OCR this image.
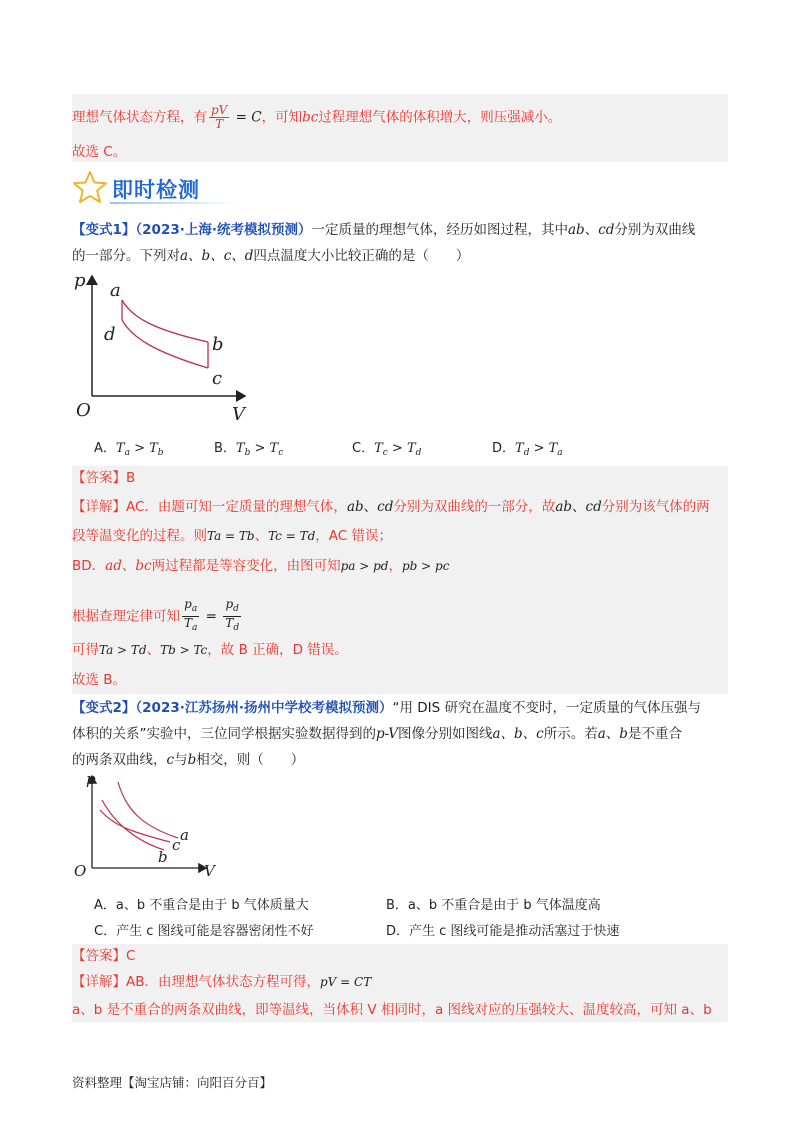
理想气体状态方程，有 $\frac{pV}{T} = C$，可知bc过程理想气体的体积增大，则压强减小。
故选 C。
即时检测
【变式1】（2023·上海·统考模拟预测）一定质量的理想气体，经历如图过程，其中ab、cd分别为双曲线
的一部分。下列对a、b、c、d四点温度大小比较正确的是（　　）
p
V
O
a
d	b
c
A．$T_a > T_b$	B．$T_b > T_c$	C．$T_c > T_d$	D．$T_d > T_a$
【答案】B
【详解】AC．由题可知一定质量的理想气体，ab、cd分别为双曲线的一部分，故ab、cd分别为该气体的两
段等温变化的过程。则Ta = Tb、Tc = Td，AC 错误；
BD．ad、bc两过程都是等容变化，由图可知pa > pd，pb > pc
根据查理定律可知 $\frac{p_a}{T_a} = \frac{p_d}{T_d}$
可得Ta > Td、Tb > Tc，故 B 正确，D 错误。
故选 B。
【变式2】（2023·江苏扬州·扬州中学校考模拟预测）“用 DIS 研究在温度不变时，一定质量的气体压强与
体积的关系”实验中，三位同学根据实验数据得到的p-V图像分别如图线a、b、c所示。若a、b是不重合
的两条双曲线，c与b相交，则（　　）
p
V
O
a
c
b
A．a、b 不重合是由于 b 气体质量大	B．a、b 不重合是由于 b 气体温度高
C．产生 c 图线可能是容器密闭性不好	D．产生 c 图线可能是推动活塞过于快速
【答案】C
【详解】AB．由理想气体状态方程可得，pV = CT
a、b 是不重合的两条双曲线，即等温线，当体积 V 相同时，a 图线对应的压强较大、温度较高，可知 a、b
资料整理【淘宝店铺：向阳百分百】
